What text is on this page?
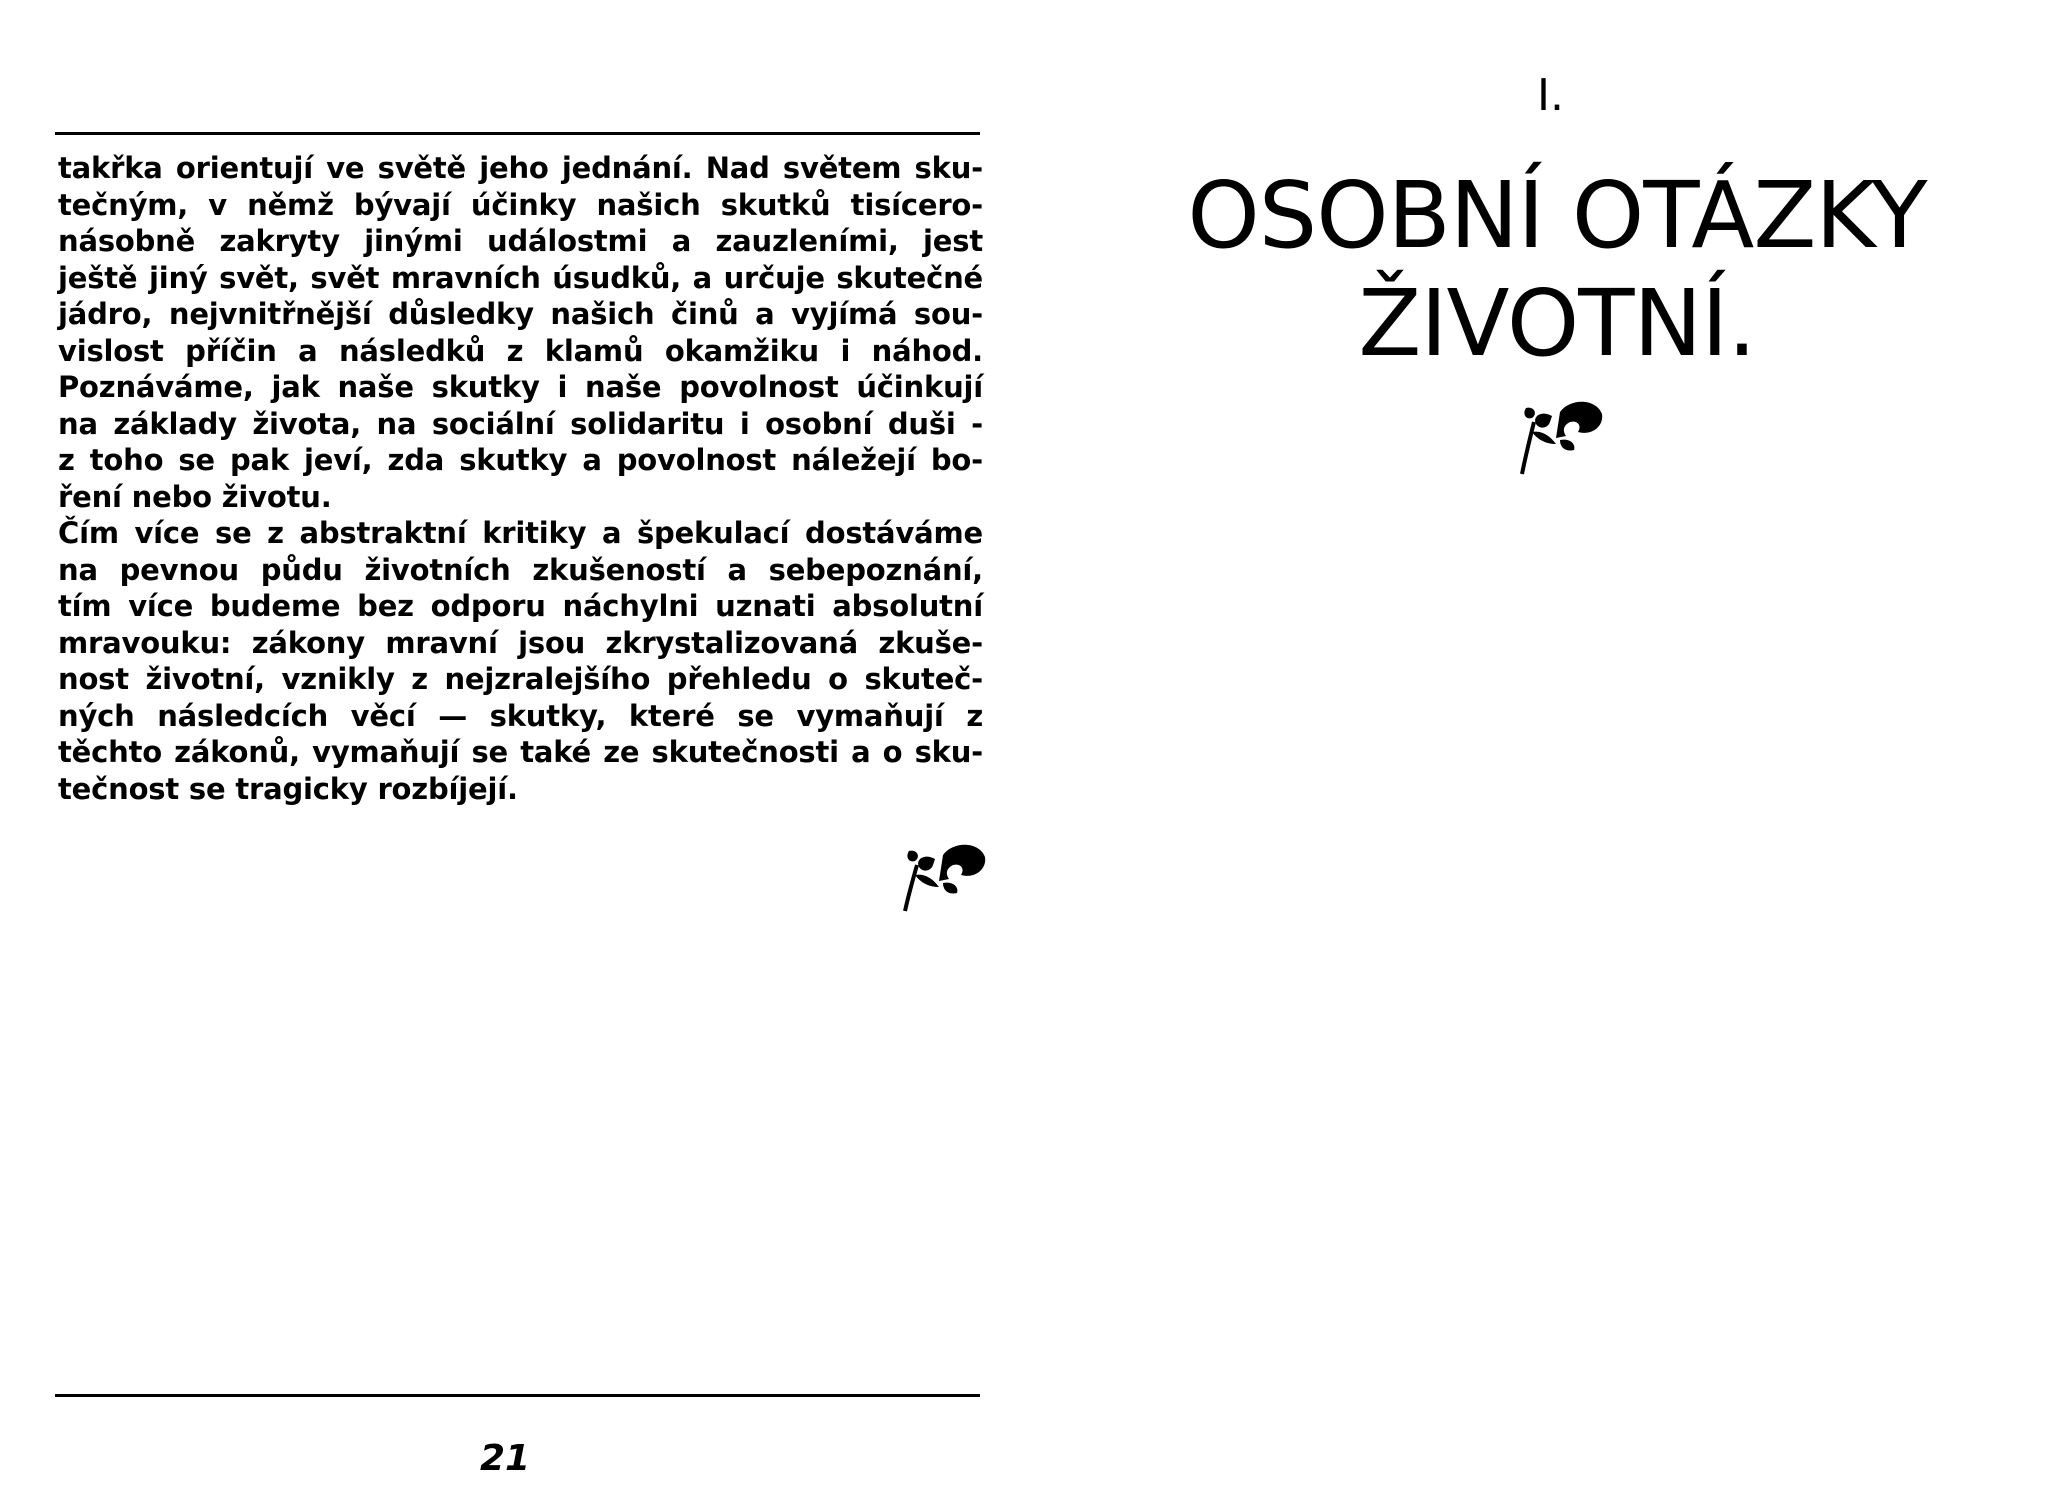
takřka orientují ve světě jeho jednání. Nad světem sku-
tečným, v němž bývají účinky našich skutků tisícero-
násobně zakryty jinými událostmi a zauzleními, jest
ještě jiný svět, svět mravních úsudků, a určuje skutečné
jádro, nejvnitřnější důsledky našich činů a vyjímá sou-
vislost příčin a následků z klamů okamžiku i náhod.
Poznáváme, jak naše skutky i naše povolnost účinkují
na základy života, na sociální solidaritu i osobní duši -
z toho se pak jeví, zda skutky a povolnost náležejí bo-
ření nebo životu.
Čím více se z abstraktní kritiky a špekulací dostáváme
na pevnou půdu životních zkušeností a sebepoznání,
tím více budeme bez odporu náchylni uznati absolutní
mravouku: zákony mravní jsou zkrystalizovaná zkuše-
nost životní, vznikly z nejzralejšího přehledu o skuteč-
ných následcích věcí — skutky, které se vymaňují z
těchto zákonů, vymaňují se také ze skutečnosti a o sku-
tečnost se tragicky rozbíjejí.
21
I.
OSOBNÍ OTÁZKY
ŽIVOTNÍ.
